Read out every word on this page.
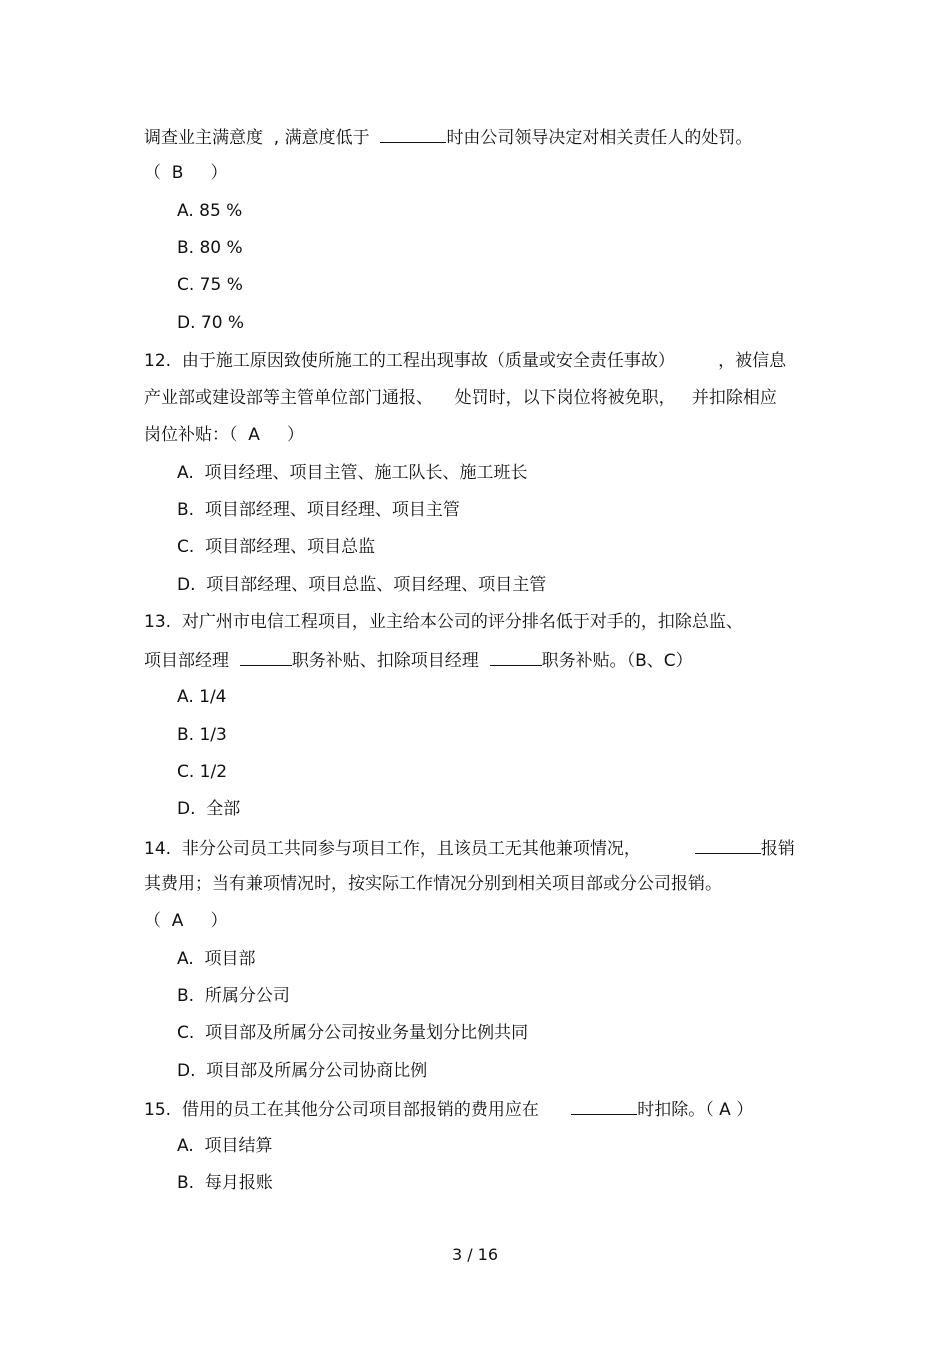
调查业主满意度  , 满意度低于	时由公司领导决定对相关责任人的处罚。
（  B     ）
A. 85 %
B. 80 %
C. 75 %
D. 70 %
12.  由于施工原因致使所施工的工程出现事故（质量或安全责任事故）        ，被信息
产业部或建设部等主管单位部门通报、    处罚时，以下岗位将被免职，   并扣除相应
岗位补贴：（  A     ）
A.  项目经理、项目主管、施工队长、施工班长
B.  项目部经理、项目经理、项目主管
C.  项目部经理、项目总监
D.  项目部经理、项目总监、项目经理、项目主管
13.  对广州市电信工程项目，业主给本公司的评分排名低于对手的，扣除总监、
项目部经理	职务补贴、扣除项目经理	职务补贴。（B、C）
A. 1/4
B. 1/3
C. 1/2
D.  全部
14.  非分公司员工共同参与项目工作，且该员工无其他兼项情况，	报销
其费用；当有兼项情况时，按实际工作情况分别到相关项目部或分公司报销。
（  A     ）
A.  项目部
B.  所属分公司
C.  项目部及所属分公司按业务量划分比例共同
D.  项目部及所属分公司协商比例
15.  借用的员工在其他分公司项目部报销的费用应在	时扣除。（ A ）
A.  项目结算
B.  每月报账
3 / 16
